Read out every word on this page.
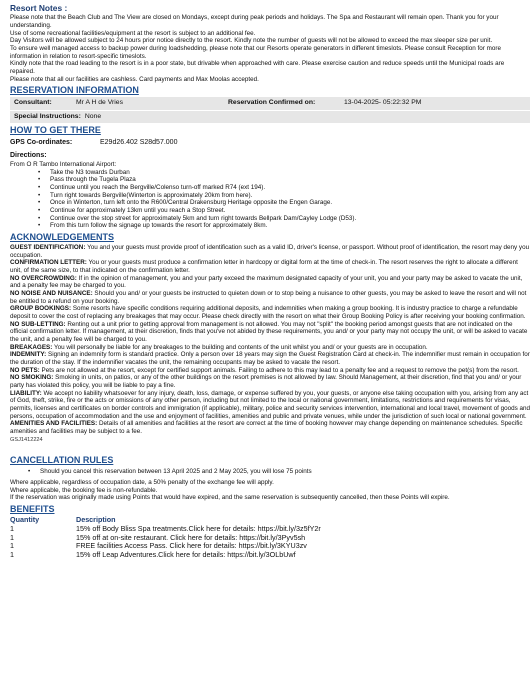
Resort Notes :
Please note that the Beach Club and The View are closed on Mondays, except during peak periods and holidays. The Spa and Restaurant will remain open. Thank you for your understanding.
Use of some recreational facilities/equipment at the resort is subject to an additional fee.
Day Visitors will be allowed subject to 24 hours prior notice directly to the resort. Kindly note the number of guests will not be allowed to exceed the max sleeper size per unit.
To ensure well managed access to backup power during loadshedding, please note that our Resorts operate generators in different timeslots. Please consult Reception for more information in relation to resort-specific timeslots.
Kindly note that the road leading to the resort is in a poor state, but drivable when approached with care. Please exercise caution and reduce speeds until the Municipal roads are repaired.
Please note that all our facilities are cashless. Card payments and Max Moolas accepted.
RESERVATION INFORMATION
Consultant:	Mr A H de Vries	Reservation Confirmed on:	13-04-2025- 05:22:32 PM
Special Instructions: None
HOW TO GET THERE
GPS Co-ordinates:	E29d26.402 S28d57.000
Directions:
From O R Tambo International Airport:
• Take the N3 towards Durban
• Pass through the Tugela Plaza
• Continue until you reach the Bergville/Colenso turn-off marked R74 (ext 194).
• Turn right towards Bergville(Winterton is approximately 20km from here).
• Once in Winterton, turn left onto the R600/Central Drakensburg Heritage opposite the Engen Garage.
• Continue for approximately 13km until you reach a Stop Street.
• Continue over the stop street for approximately 5km and turn right towards Bellpark Dam/Cayley Lodge (D53).
• From this turn follow the signage up towards the resort for approximately 8km.
ACKNOWLEDGEMENTS

GUEST IDENTIFICATION: You and your guests must provide proof of identification such as a valid ID, driver's license, or passport. Without proof of identification, the resort may deny you occupation.

CONFIRMATION LETTER: You or your guests must produce a confirmation letter in hardcopy or digital form at the time of check-in. The resort reserves the right to allocate a different unit, of the same size, to that indicated on the confirmation letter.

NO OVERCROWDING: If in the opinion of management, you and your party exceed the maximum designated capacity of your unit, you and your party may be asked to vacate the unit, and a penalty fee may be charged to you.

NO NOISE AND NUISANCE: Should you and/ or your guests be instructed to quieten down or to stop being a nuisance to other guests, you may be asked to leave the resort and will not be entitled to a refund on your booking.

GROUP BOOKINGS: Some resorts have specific conditions requiring additional deposits, and indemnities when making a group booking. It is industry practice to charge a refundable deposit to cover the cost of replacing any breakages that may occur. Please check directly with the resort on what their Group Booking Policy is after receiving your booking confirmation.

NO SUB-LETTING: Renting out a unit prior to getting approval from management is not allowed. You may not "split" the booking period amongst guests that are not indicated on the official confirmation letter. If management, at their discretion, finds that you've not abided by these requirements, you and/ or your party may not occupy the unit, or will be asked to vacate the unit, and a penalty fee will be charged to you.

BREAKAGES: You will personally be liable for any breakages to the building and contents of the unit whilst you and/ or your guests are in occupation.

INDEMNITY: Signing an indemnity form is standard practice. Only a person over 18 years may sign the Guest Registration Card at check-in. The indemnifier must remain in occupation for the duration of the stay. If the indemnifier vacates the unit, the remaining occupants may be asked to vacate the resort.

NO PETS: Pets are not allowed at the resort, except for certified support animals. Failing to adhere to this may lead to a penalty fee and a request to remove the pet(s) from the resort.

NO SMOKING: Smoking in units, on patios, or any of the other buildings on the resort premises is not allowed by law. Should Management, at their discretion, find that you and/ or your party has violated this policy, you will be liable to pay a fine.

LIABILITY: We accept no liability whatsoever for any injury, death, loss, damage, or expense suffered by you, your guests, or anyone else taking occupation with you, arising from any act of God, theft, strike, fire or the acts or omissions of any other person, including but not limited to the local or national government, limitations, restrictions and requirements for visas, permits, licenses and certificates on border controls and immigration (if applicable), military, police and security services intervention, international and local travel, movement of goods and persons, occupation of accommodation and the use and enjoyment of facilities, amenities and public and private venues, while under the jurisdiction of such local or national government.

AMENITIES AND FACILITIES: Details of all amenities and facilities at the resort are correct at the time of booking however may change depending on maintenance schedules. Specific amenities and facilities may be subject to a fee.

GSJ1412224
CANCELLATION RULES
• Should you cancel this reservation between 13 April 2025 and 2 May 2025, you will lose 75 points
Where applicable, regardless of occupation date, a 50% penalty of the exchange fee will apply.
Where applicable, the booking fee is non-refundable.
If the reservation was originally made using Points that would have expired, and the same reservation is subsequently cancelled, then these Points will expire.
BENEFITS
Quantity	Description
1	15% off Body Bliss Spa treatments.Click here for details: https://bit.ly/3z5fY2r
1	15% off at on-site restaurant. Click here for details: https://bit.ly/3Pyv5sh
1	FREE facilities Access Pass. Click here for details: https://bit.ly/3KYU3zv
1	15% off Leap Adventures.Click here for details: https://bit.ly/3OLbUwf
